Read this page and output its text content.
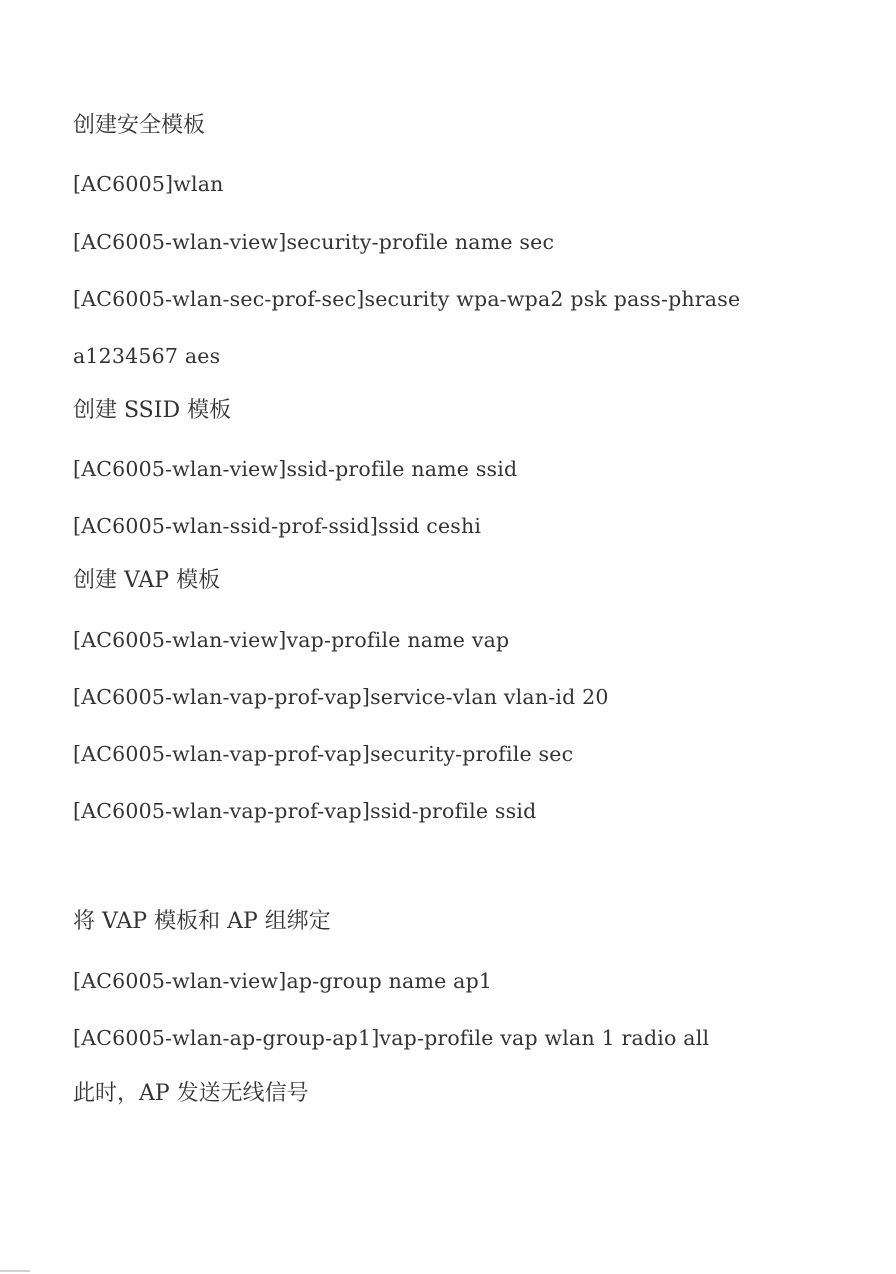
创建安全模板

[AC6005]wlan

[AC6005-wlan-view]security-profile name sec

[AC6005-wlan-sec-prof-sec]security wpa-wpa2 psk pass-phrase

a1234567 aes

创建 SSID 模板

[AC6005-wlan-view]ssid-profile name ssid

[AC6005-wlan-ssid-prof-ssid]ssid ceshi

创建 VAP 模板

[AC6005-wlan-view]vap-profile name vap

[AC6005-wlan-vap-prof-vap]service-vlan vlan-id 20

[AC6005-wlan-vap-prof-vap]security-profile sec

[AC6005-wlan-vap-prof-vap]ssid-profile ssid

将 VAP 模板和 AP 组绑定

[AC6005-wlan-view]ap-group name ap1

[AC6005-wlan-ap-group-ap1]vap-profile vap wlan 1 radio all

此时，AP 发送无线信号
